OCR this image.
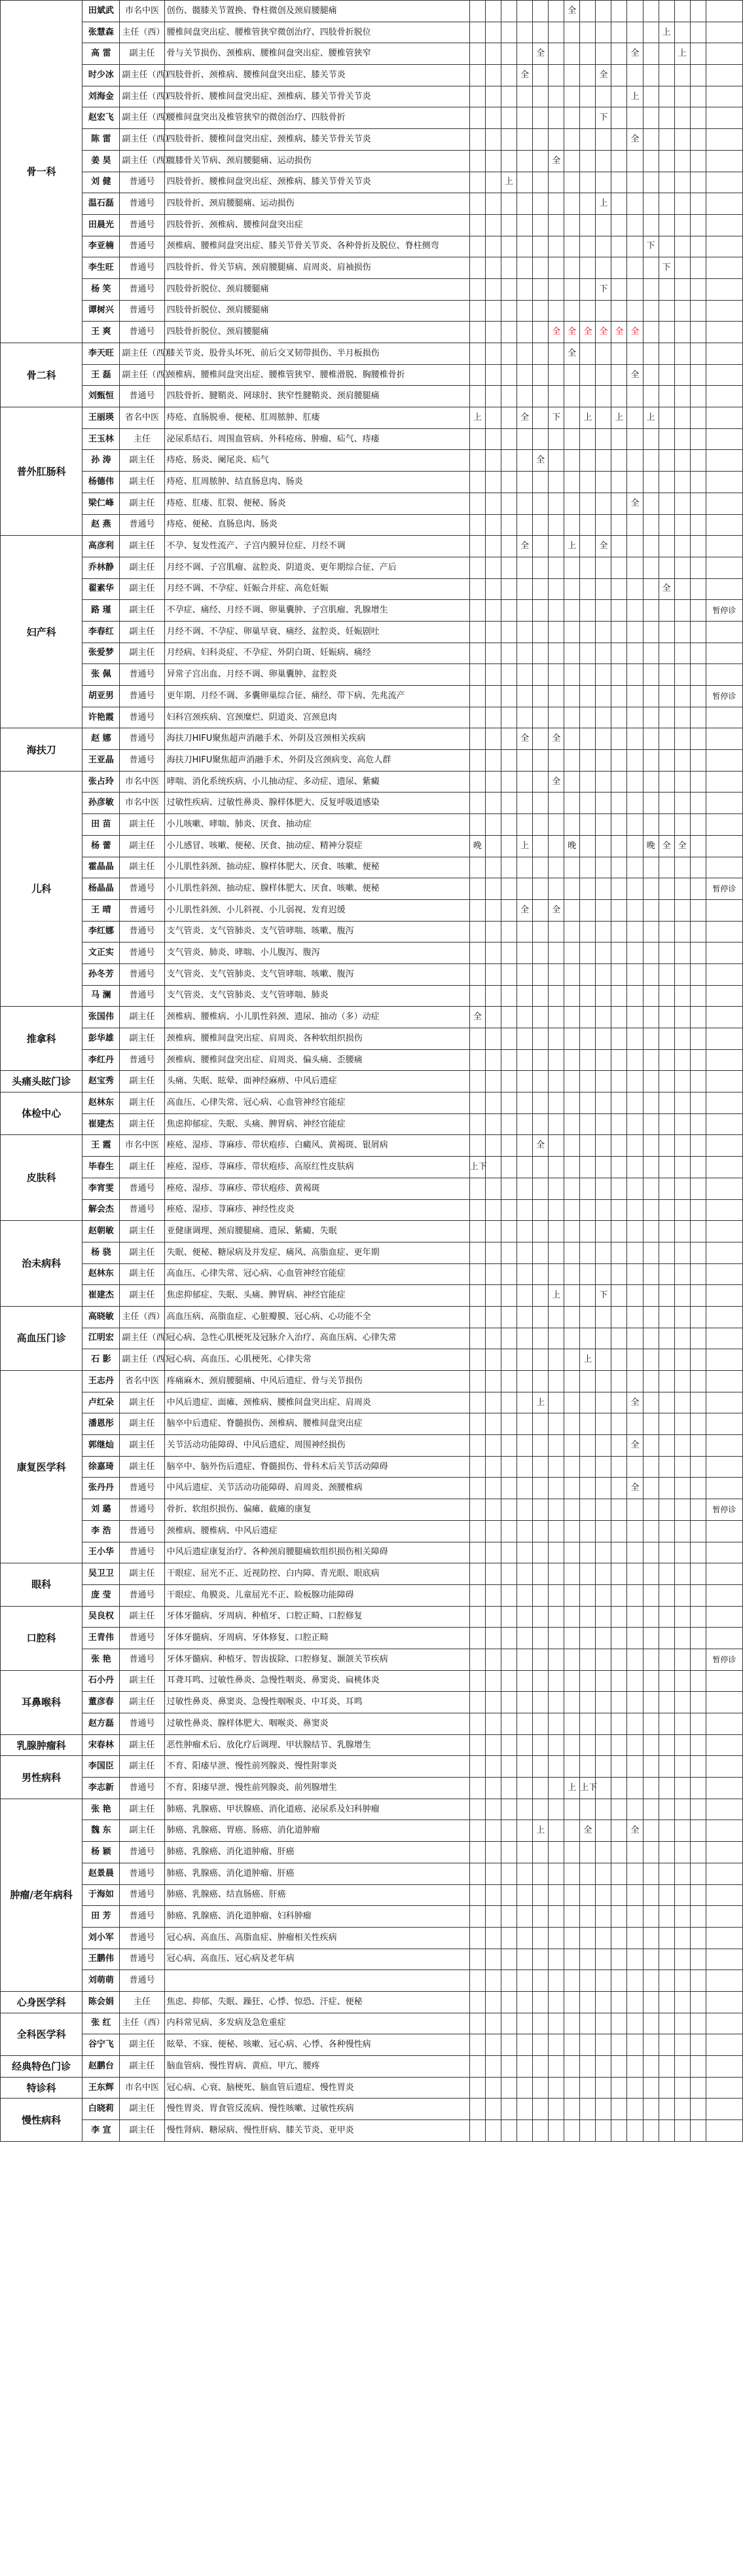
骨一科	田斌武	市名中医	创伤、髋膝关节置换、脊柱微创及颈肩腰腿痛							全									
	张慧森	主任（西）	腰椎间盘突出症、腰椎管狭窄微创治疗、四肢骨折脱位													上			
	高 雷	副主任	骨与关节损伤、颈椎病、腰椎间盘突出症、腰椎管狭窄					全						全			上		
	时少冰	副主任（西）	四肢骨折、颈椎病、腰椎间盘突出症、膝关节炎				全					全							
	刘海金	副主任（西）	四肢骨折、腰椎间盘突出症、颈椎病、膝关节骨关节炎											上					
	赵宏飞	副主任（西）	腰椎间盘突出及椎管狭窄的微创治疗、四肢骨折									下							
	陈 雷	副主任（西）	四肢骨折、腰椎间盘突出症、颈椎病、膝关节骨关节炎											全					
	姜 昊	副主任（西）	髋膝骨关节病、颈肩腰腿痛、运动损伤						全										
	刘 健	普通号	四肢骨折、腰椎间盘突出症、颈椎病、膝关节骨关节炎			上													
	温石磊	普通号	四肢骨折、颈肩腰腿痛、运动损伤									上							
	田晨光	普通号	四肢骨折、颈椎病、腰椎间盘突出症																
	李亚楠	普通号	颈椎病、腰椎间盘突出症、膝关节骨关节炎、各种骨折及脱位、脊柱侧弯												下				
	李生旺	普通号	四肢骨折、骨关节病、颈肩腰腿痛、肩周炎、肩袖损伤													下			
	杨 笑	普通号	四肢骨折脱位、颈肩腰腿痛									下							
	谭树兴	普通号	四肢骨折脱位、颈肩腰腿痛																
	王 爽	普通号	四肢骨折脱位、颈肩腰腿痛						全	全	全	全	全	全					
骨二科	李天旺	副主任（西）	膝关节炎、股骨头坏死、前后交叉韧带损伤、半月板损伤							全									
	王 磊	副主任（西）	颈椎病、腰椎间盘突出症、腰椎管狭窄、腰椎滑脱、胸腰椎骨折											全					
	刘甄恒	普通号	四肢骨折、腱鞘炎、网球肘、狭窄性腱鞘炎、颈肩腰腿痛																
普外肛肠科	王丽瑛	省名中医	痔疮、直肠脱垂、便秘、肛周脓肿、肛瘘	上			全		下		上		上		上				
	王玉林	主任	泌尿系结石、周围血管病、外科疮疡、肿瘤、疝气、痔瘘																
	孙 涛	副主任	痔疮、肠炎、阑尾炎、疝气					全											
	杨德伟	副主任	痔疮、肛周脓肿、结直肠息肉、肠炎																
	梁仁峰	副主任	痔疮、肛瘘、肛裂、便秘、肠炎											全					
	赵 燕	普通号	痔疮、便秘、直肠息肉、肠炎																
妇产科	高彦利	副主任	不孕、复发性流产、子宫内膜异位症、月经不调				全			上		全							
	乔林静	副主任	月经不调、子宫肌瘤、盆腔炎、阴道炎、更年期综合征、产后																
	翟素华	副主任	月经不调、不孕症、妊娠合并症、高危妊娠													全			
	路 瑾	副主任	不孕症、痛经、月经不调、卵巢囊肿、子宫肌瘤、乳腺增生																暂停诊
	李春红	副主任	月经不调、不孕症、卵巢早衰、痛经、盆腔炎、妊娠剧吐																
	张爱梦	副主任	月经病、妇科炎症、不孕症、外阴白斑、妊娠病、痛经																
	张 佩	普通号	异常子宫出血、月经不调、卵巢囊肿、盆腔炎																
	胡亚男	普通号	更年期、月经不调、多囊卵巢综合征、痛经、带下病、先兆流产																暂停诊
	许艳霞	普通号	妇科宫颈疾病、宫颈糜烂、阴道炎、宫颈息肉																
海扶刀	赵 娜	普通号	海扶刀HIFU聚焦超声消融手术、外阴及宫颈相关疾病				全		全										
	王亚晶	普通号	海扶刀HIFU聚焦超声消融手术、外阴及宫颈病变、高危人群																
儿科	张占玲	市名中医	哮喘、消化系统疾病、小儿抽动症、多动症、遗尿、紫癜						全										
	孙彦敏	市名中医	过敏性疾病、过敏性鼻炎、腺样体肥大、反复呼吸道感染																
	田 苗	副主任	小儿咳嗽、哮喘、肺炎、厌食、抽动症																
	杨 蕾	副主任	小儿感冒、咳嗽、便秘、厌食、抽动症、精神分裂症	晚			上			晚					晚	全	全		
	霍晶晶	副主任	小儿肌性斜颈、抽动症、腺样体肥大、厌食、咳嗽、便秘																
	杨晶晶	普通号	小儿肌性斜颈、抽动症、腺样体肥大、厌食、咳嗽、便秘																暂停诊
	王 晴	普通号	小儿肌性斜颈、小儿斜视、小儿弱视、发育迟缓				全		全										
	李红娜	普通号	支气管炎、支气管肺炎、支气管哮喘、咳嗽、腹泻																
	文正实	普通号	支气管炎、肺炎、哮喘、小儿腹泻、腹泻																
	孙冬芳	普通号	支气管炎、支气管肺炎、支气管哮喘、咳嗽、腹泻																
	马 澜	普通号	支气管炎、支气管肺炎、支气管哮喘、肺炎																
推拿科	张国伟	副主任	颈椎病、腰椎病、小儿肌性斜颈、遗尿、抽动（多）动症	全															
	彭华雄	副主任	颈椎病、腰椎间盘突出症、肩周炎、各种软组织损伤																
	李红丹	普通号	颈椎病、腰椎间盘突出症、肩周炎、偏头痛、歪腰痛																
头痛头眩门诊	赵宝秀	副主任	头痛、失眠、眩晕、面神经麻痹、中风后遗症																
体检中心	赵林东	副主任	高血压、心律失常、冠心病、心血管神经官能症																
	崔建杰	副主任	焦虑抑郁症、失眠、头痛、脾胃病、神经官能症																
皮肤科	王 霞	市名中医	痤疮、湿疹、荨麻疹、带状疱疹、白癜风、黄褐斑、银屑病					全											
	毕春生	副主任	痤疮、湿疹、荨麻疹、带状疱疹、高原红性皮肤病	上下															
	李宵雯	普通号	痤疮、湿疹、荨麻疹、带状疱疹、黄褐斑																
	解会杰	普通号	痤疮、湿疹、荨麻疹、神经性皮炎																
治未病科	赵朝敏	副主任	亚健康调理、颈肩腰腿痛、遗尿、紫癜、失眠																
	杨 骁	副主任	失眠、便秘、糖尿病及并发症、痛风、高脂血症、更年期																
	赵林东	副主任	高血压、心律失常、冠心病、心血管神经官能症																
	崔建杰	副主任	焦虑抑郁症、失眠、头痛、脾胃病、神经官能症						上			下							
高血压门诊	高晓敏	主任（西）	高血压病、高脂血症、心脏瓣膜、冠心病、心功能不全																
	江明宏	副主任（西）	冠心病、急性心肌梗死及冠脉介入治疗、高血压病、心律失常																
	石 影	副主任（西）	冠心病、高血压、心肌梗死、心律失常								上								
康复医学科	王志丹	省名中医	疼痛麻木、颈肩腰腿痛、中风后遗症、骨与关节损伤																
	卢红朵	副主任	中风后遗症、面瘫、颈椎病、腰椎间盘突出症、肩周炎					上						全					
	潘恩彤	副主任	脑卒中后遗症、脊髓损伤、颈椎病、腰椎间盘突出症																
	郭继灿	副主任	关节活动功能障碍、中风后遗症、周围神经损伤											全					
	徐嘉琦	副主任	脑卒中、脑外伤后遗症、脊髓损伤、骨科术后关节活动障碍																
	张丹丹	普通号	中风后遗症、关节活动功能障碍、肩周炎、颈腰椎病											全					
	刘 璐	普通号	骨折、软组织损伤、偏瘫、截瘫的康复																暂停诊
	李 浩	普通号	颈椎病、腰椎病、中风后遗症																
	王小华	普通号	中风后遗症康复治疗、各种颈肩腰腿痛软组织损伤相关障碍																
眼科	吴卫卫	副主任	干眼症、屈光不正、近视防控、白内障、青光眼、眼底病																
	庞 莹	普通号	干眼症、角膜炎、儿童屈光不正、睑板腺功能障碍																
口腔科	吴良权	副主任	牙体牙髓病、牙周病、种植牙、口腔正畸、口腔修复																
	王青伟	普通号	牙体牙髓病、牙周病、牙体修复、口腔正畸																
	张 艳	普通号	牙体牙髓病、种植牙、智齿拔除、口腔修复、颞颌关节疾病																暂停诊
耳鼻喉科	石小丹	副主任	耳聋耳鸣、过敏性鼻炎、急慢性咽炎、鼻窦炎、扁桃体炎																
	董彦春	副主任	过敏性鼻炎、鼻窦炎、急慢性咽喉炎、中耳炎、耳鸣																
	赵方磊	普通号	过敏性鼻炎、腺样体肥大、咽喉炎、鼻窦炎																
乳腺肿瘤科	宋春林	副主任	恶性肿瘤术后、放化疗后调理、甲状腺结节、乳腺增生																
男性病科	李国臣	副主任	不育、阳痿早泄、慢性前列腺炎、慢性附睾炎																
	李志新	普通号	不育、阳痿早泄、慢性前列腺炎、前列腺增生							上	上下								
肿瘤/老年病科	张 艳	副主任	肺癌、乳腺癌、甲状腺癌、消化道癌、泌尿系及妇科肿瘤																
	魏 东	副主任	肺癌、乳腺癌、胃癌、肠癌、消化道肿瘤					上			全			全					
	杨 颖	普通号	肺癌、乳腺癌、消化道肿瘤、肝癌																
	赵景晨	普通号	肺癌、乳腺癌、消化道肿瘤、肝癌																
	于海如	普通号	肺癌、乳腺癌、结直肠癌、肝癌																
	田 芳	普通号	肺癌、乳腺癌、消化道肿瘤、妇科肿瘤																
	刘小军	普通号	冠心病、高血压、高脂血症、肿瘤相关性疾病																
	王鹏伟	普通号	冠心病、高血压、冠心病及老年病																
	刘萌萌	普通号																	
心身医学科	陈会娟	主任	焦虑、抑郁、失眠、躁狂、心悸、惊恐、汗症、便秘																
全科医学科	张 红	主任（西）	内科常见病、多发病及急危重症																
	谷宁飞	副主任	眩晕、不寐、便秘、咳嗽、冠心病、心悸、各种慢性病																
经典特色门诊	赵鹏台	副主任	脑血管病、慢性胃病、黄疸、甲亢、腰疼																
特诊科	王东辉	市名中医	冠心病、心衰、脑梗死、脑血管后遗症、慢性胃炎																
慢性病科	白晓莉	副主任	慢性胃炎、胃食管反流病、慢性咳嗽、过敏性疾病																
	李 宣	副主任	慢性肾病、糖尿病、慢性肝病、膝关节炎、亚甲炎																
